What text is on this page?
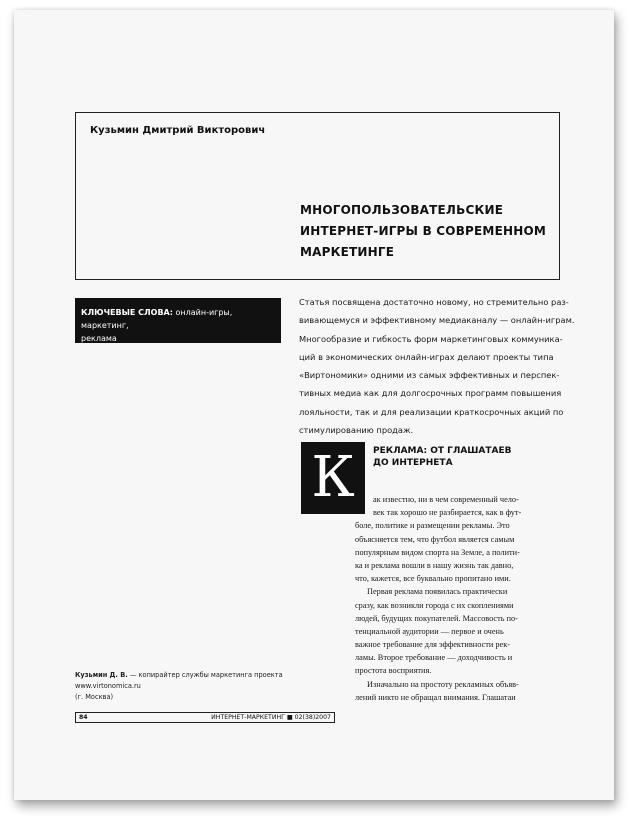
Кузьмин Дмитрий Викторович
МНОГОПОЛЬЗОВАТЕЛЬСКИЕ
ИНТЕРНЕТ-ИГРЫ В СОВРЕМЕННОМ
МАРКЕТИНГЕ
КЛЮЧЕВЫЕ СЛОВА: онлайн-игры, маркетинг,
реклама
Статья посвящена достаточно новому, но стремительно раз-
вивающемуся и эффективному медиаканалу — онлайн-играм.
Многообразие и гибкость форм маркетинговых коммуника-
ций в экономических онлайн-играх делают проекты типа
«Виртономики» одними из самых эффективных и перспек-
тивных медиа как для долгосрочных программ повышения
лояльности, так и для реализации краткосрочных акций по
стимулированию продаж.
К	РЕКЛАМА: ОТ ГЛАШАТАЕВ
ДО ИНТЕРНЕТА
ак известно, ни в чем современный чело-
век так хорошо не разбирается, как в фут-
боле, политике и размещении рекламы. Это
объясняется тем, что футбол является самым
популярным видом спорта на Земле, а полити-
ка и реклама вошли в нашу жизнь так давно,
что, кажется, все буквально пропитано ими.
Первая реклама появилась практически
сразу, как возникли города с их скоплениями
людей, будущих покупателей. Массовость по-
тенциальной аудитории — первое и очень
важное требование для эффективности рек-
ламы. Второе требование — доходчивость и
простота восприятия.
Изначально на простоту рекламных объяв-
лений никто не обращал внимания. Глашатаи
Кузьмин Д. В. — копирайтер службы маркетинга проекта www.virtonomica.ru
(г. Москва)
84	ИНТЕРНЕТ-МАРКЕТИНГ ■ 02(38)2007
